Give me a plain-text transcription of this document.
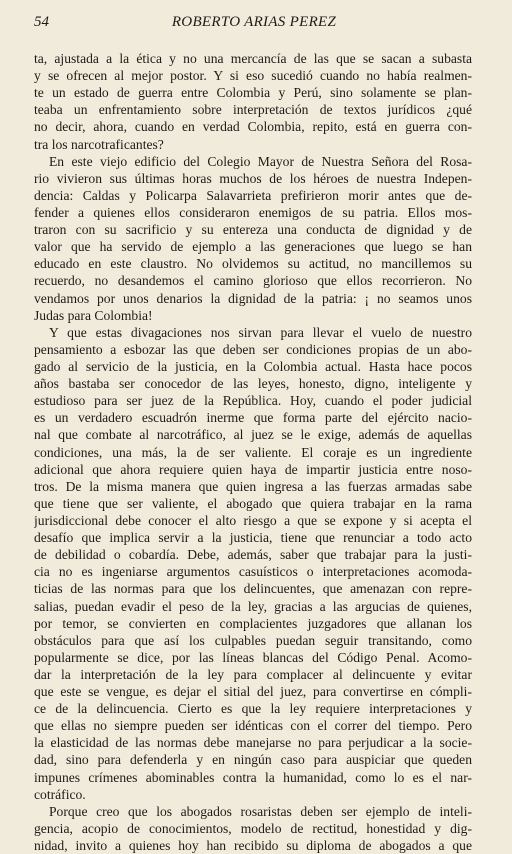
54	ROBERTO ARIAS PEREZ
ta, ajustada a la ética y no una mercancía de las que se sacan a subasta
y se ofrecen al mejor postor. Y si eso sucedió cuando no había realmen-
te un estado de guerra entre Colombia y Perú, sino solamente se plan-
teaba un enfrentamiento sobre interpretación de textos jurídicos ¿qué
no decir, ahora, cuando en verdad Colombia, repito, está en guerra con-
tra los narcotraficantes?
En este viejo edificio del Colegio Mayor de Nuestra Señora del Rosa-
rio vivieron sus últimas horas muchos de los héroes de nuestra Indepen-
dencia: Caldas y Policarpa Salavarrieta prefirieron morir antes que de-
fender a quienes ellos consideraron enemigos de su patria. Ellos mos-
traron con su sacrificio y su entereza una conducta de dignidad y de
valor que ha servido de ejemplo a las generaciones que luego se han
educado en este claustro. No olvidemos su actitud, no mancillemos su
recuerdo, no desandemos el camino glorioso que ellos recorrieron. No
vendamos por unos denarios la dignidad de la patria: ¡ no seamos unos
Judas para Colombia!
Y que estas divagaciones nos sirvan para llevar el vuelo de nuestro
pensamiento a esbozar las que deben ser condiciones propias de un abo-
gado al servicio de la justicia, en la Colombia actual. Hasta hace pocos
años bastaba ser conocedor de las leyes, honesto, digno, inteligente y
estudioso para ser juez de la República. Hoy, cuando el poder judicial
es un verdadero escuadrón inerme que forma parte del ejército nacio-
nal que combate al narcotráfico, al juez se le exige, además de aquellas
condiciones, una más, la de ser valiente. El coraje es un ingrediente
adicional que ahora requiere quien haya de impartir justicia entre noso-
tros. De la misma manera que quien ingresa a las fuerzas armadas sabe
que tiene que ser valiente, el abogado que quiera trabajar en la rama
jurisdiccional debe conocer el alto riesgo a que se expone y si acepta el
desafío que implica servir a la justicia, tiene que renunciar a todo acto
de debilidad o cobardía. Debe, además, saber que trabajar para la justi-
cia no es ingeniarse argumentos casuísticos o interpretaciones acomoda-
ticias de las normas para que los delincuentes, que amenazan con repre-
salias, puedan evadir el peso de la ley, gracias a las argucias de quienes,
por temor, se convierten en complacientes juzgadores que allanan los
obstáculos para que así los culpables puedan seguir transitando, como
popularmente se dice, por las líneas blancas del Código Penal. Acomo-
dar la interpretación de la ley para complacer al delincuente y evitar
que este se vengue, es dejar el sitial del juez, para convertirse en cómpli-
ce de la delincuencia. Cierto es que la ley requiere interpretaciones y
que ellas no siempre pueden ser idénticas con el correr del tiempo. Pero
la elasticidad de las normas debe manejarse no para perjudicar a la socie-
dad, sino para defenderla y en ningún caso para auspiciar que queden
impunes crímenes abominables contra la humanidad, como lo es el nar-
cotráfico.
Porque creo que los abogados rosaristas deben ser ejemplo de inteli-
gencia, acopio de conocimientos, modelo de rectitud, honestidad y dig-
nidad, invito a quienes hoy han recibido su diploma de abogados a que
